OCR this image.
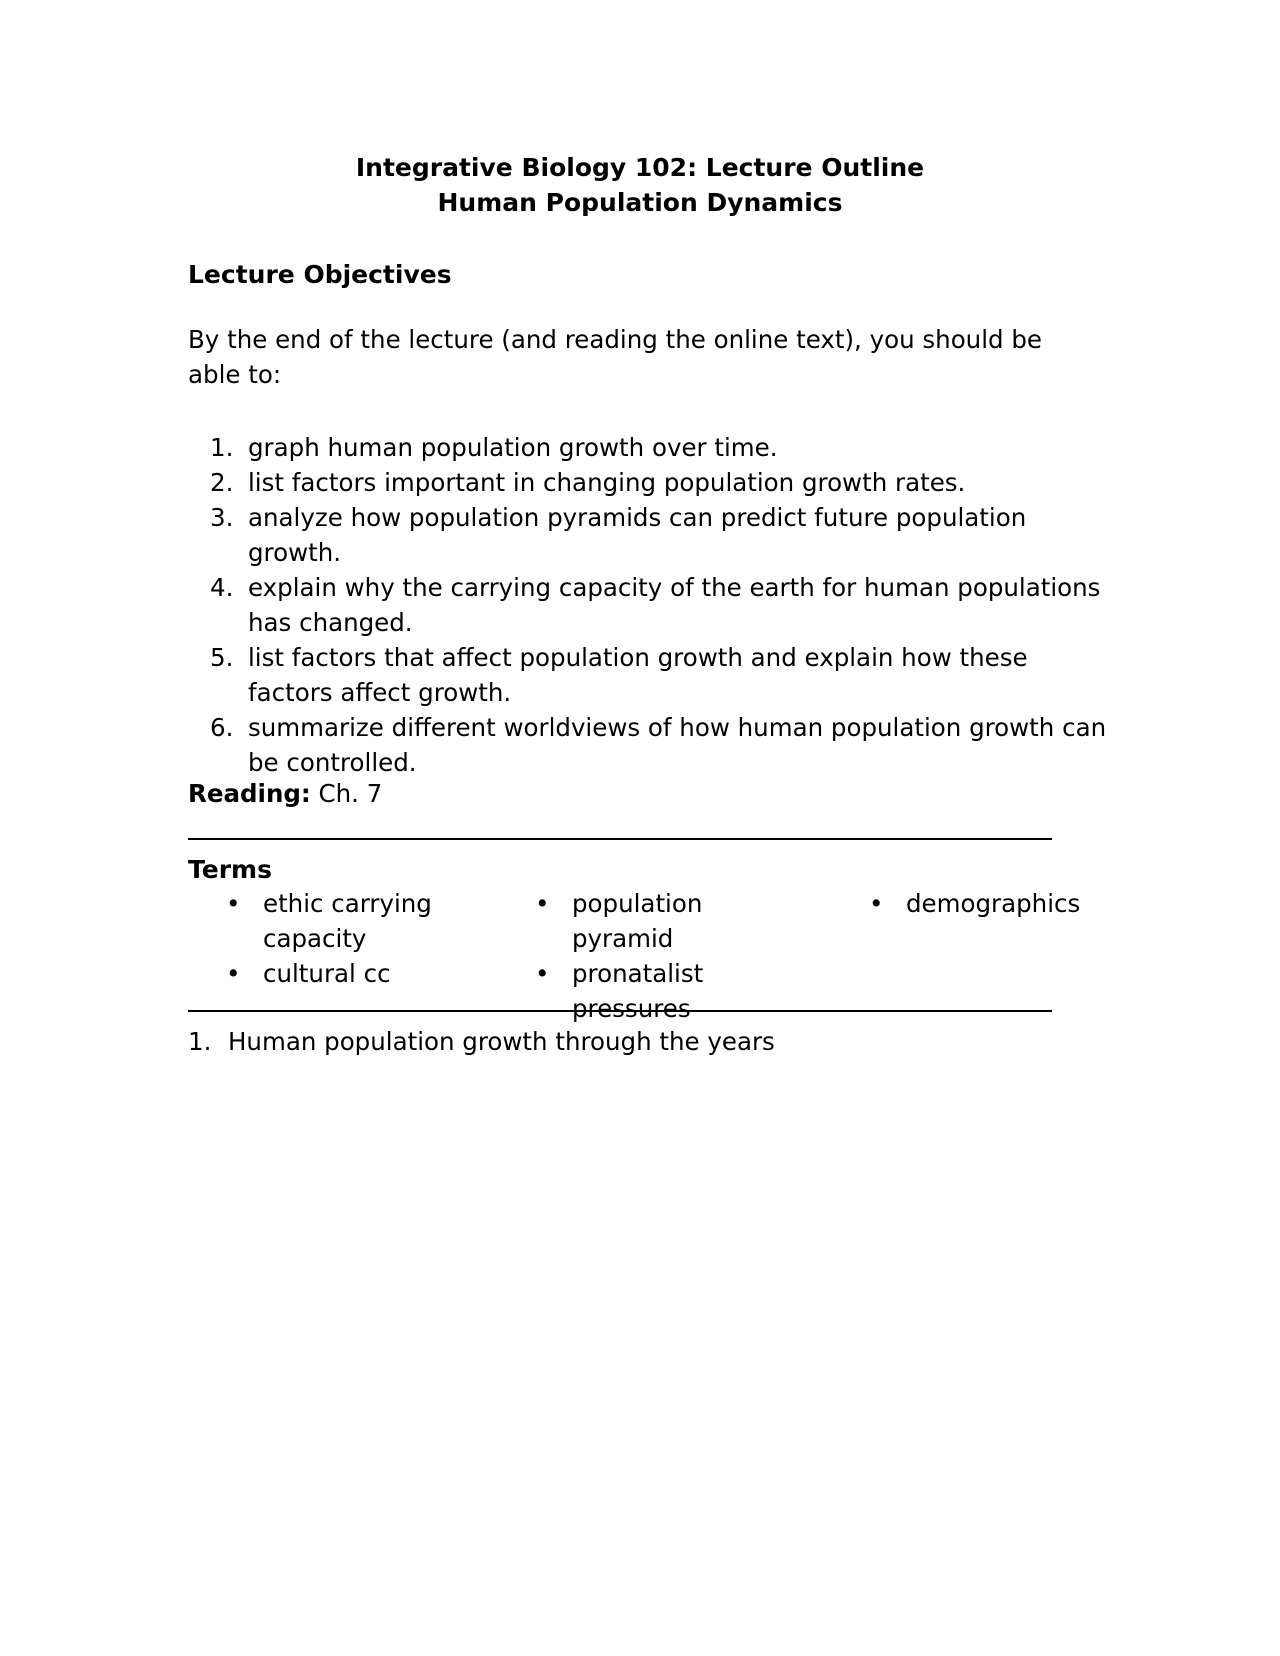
Integrative Biology 102: Lecture Outline
Human Population Dynamics
Lecture Objectives

By the end of the lecture (and reading the online text), you should be able to:

1. graph human population growth over time.
2. list factors important in changing population growth rates.
3. analyze how population pyramids can predict future population growth.
4. explain why the carrying capacity of the earth for human populations has changed.
5. list factors that affect population growth and explain how these factors affect growth.
6. summarize different worldviews of how human population growth can be controlled.

Reading: Ch. 7

Terms
• ethic carrying capacity
• cultural cc
• population pyramid
• pronatalist pressures
• demographics

1. Human population growth through the years
